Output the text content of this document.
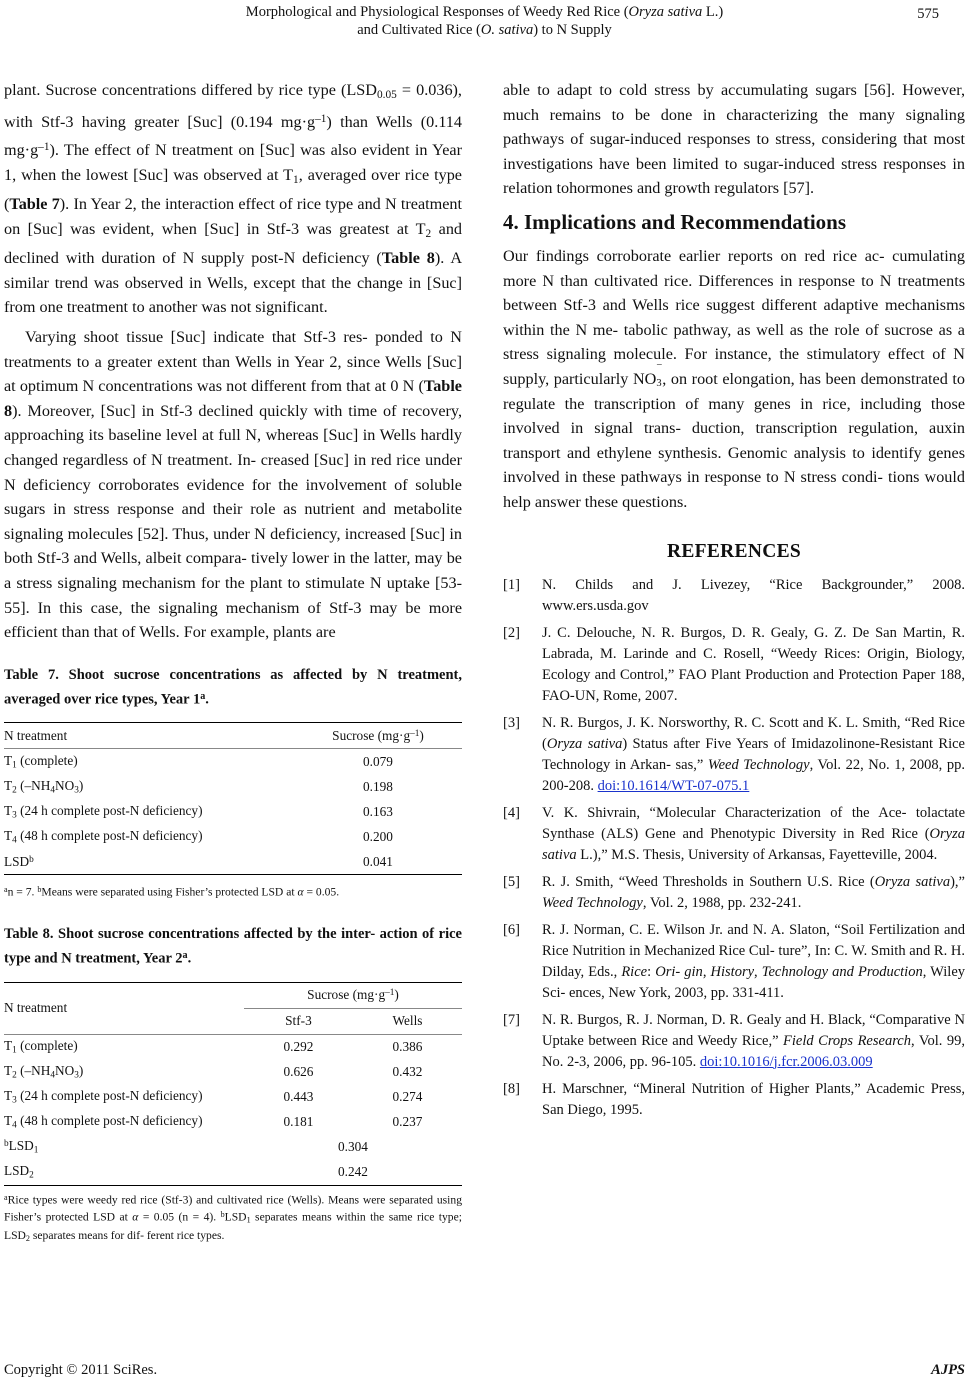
Morphological and Physiological Responses of Weedy Red Rice (Oryza sativa L.)
and Cultivated Rice (O. sativa) to N Supply
575

plant. Sucrose concentrations differed by rice type $(LSD_{0.05} = 0.036)$, with Stf-3 having greater [Suc] (0.194 $mg\cdot g^{-1}$) than Wells (0.114 $mg\cdot g^{-1}$). The effect of N treatment on [Suc] was also evident in Year 1, when the lowest [Suc] was observed at $T_1$, averaged over rice type (Table 7). In Year 2, the interaction effect of rice type and N treatment on [Suc] was evident, when [Suc] in Stf-3 was greatest at $T_2$ and declined with duration of N supply post-N deficiency (Table 8). A similar trend was observed in Wells, except that the change in [Suc] from one treatment to another was not significant.

Varying shoot tissue [Suc] indicate that Stf-3 res- ponded to N treatments to a greater extent than Wells in Year 2, since Wells [Suc] at optimum N concentrations was not different from that at 0 N (Table 8). Moreover, [Suc] in Stf-3 declined quickly with time of recovery, approaching its baseline level at full N, whereas [Suc] in Wells hardly changed regardless of N treatment. In- creased [Suc] in red rice under N deficiency corroborates evidence for the involvement of soluble sugars in stress response and their role as nutrient and metabolite signaling molecules [52]. Thus, under N deficiency, increased [Suc] in both Stf-3 and Wells, albeit compara- tively lower in the latter, may be a stress signaling mechanism for the plant to stimulate N uptake [53-55]. In this case, the signaling mechanism of Stf-3 may be more efficient than that of Wells. For example, plants are

Table 7. Shoot sucrose concentrations as affected by N treatment, averaged over rice types, Year 1$^a$.

N treatment	Sucrose $(mg\cdot g^{-1})$
$T_1$ (complete)	0.079
$T_2$ $(-NH_4NO_3)$	0.198
$T_3$ (24 h complete post-N deficiency)	0.163
$T_4$ (48 h complete post-N deficiency)	0.200
LSD$^b$	0.041

$^a$n = 7. $^b$Means were separated using Fisher’s protected LSD at α = 0.05.

Table 8. Shoot sucrose concentrations affected by the inter- action of rice type and N treatment, Year 2$^a$.

N treatment	Sucrose $(mg\cdot g^{-1})$	
	Stf-3	Wells
$T_1$ (complete)	0.292	0.386
$T_2$ $(-NH_4NO_3)$	0.626	0.432
$T_3$ (24 h complete post-N deficiency)	0.443	0.274
$T_4$ (48 h complete post-N deficiency)	0.181	0.237
$^bLSD_1$	0.304	
$LSD_2$	0.242	

$^a$Rice types were weedy red rice (Stf-3) and cultivated rice (Wells). Means were separated using Fisher’s protected LSD at α = 0.05 (n = 4). $^bLSD_1$ separates means within the same rice type; $LSD_2$ separates means for dif- ferent rice types.

able to adapt to cold stress by accumulating sugars [56]. However, much remains to be done in characterizing the many signaling pathways of sugar-induced responses to stress, considering that most investigations have been limited to sugar-induced stress responses in relation tohormones and growth regulators [57].

4. Implications and Recommendations

Our findings corroborate earlier reports on red rice ac- cumulating more N than cultivated rice. Differences in response to N treatments between Stf-3 and Wells rice suggest different adaptive mechanisms within the N me- tabolic pathway, as well as the role of sucrose as a stress signaling molecule. For instance, the stimulatory effect of N supply, particularly NO
−
3 , on root elongation, has been demonstrated to regulate the transcription of many genes in rice, including those involved in signal trans- duction, transcription regulation, auxin transport and ethylene synthesis. Genomic analysis to identify genes involved in these pathways in response to N stress condi- tions would help answer these questions.

REFERENCES

[1] N. Childs and J. Livezey, “Rice Backgrounder,” 2008. www.ers.usda.gov

[2] J. C. Delouche, N. R. Burgos, D. R. Gealy, G. Z. De San Martin, R. Labrada, M. Larinde and C. Rosell, “Weedy Rices: Origin, Biology, Ecology and Control,” FAO Plant Production and Protection Paper 188, FAO-UN, Rome, 2007.

[3] N. R. Burgos, J. K. Norsworthy, R. C. Scott and K. L. Smith, “Red Rice (Oryza sativa) Status after Five Years of Imidazolinone-Resistant Rice Technology in Arkan- sas,” Weed Technology, Vol. 22, No. 1, 2008, pp. 200-208. doi:10.1614/WT-07-075.1

[4] V. K. Shivrain, “Molecular Characterization of the Ace- tolactate Synthase (ALS) Gene and Phenotypic Diversity in Red Rice (Oryza sativa L.),” M.S. Thesis, University of Arkansas, Fayetteville, 2004.

[5] R. J. Smith, “Weed Thresholds in Southern U.S. Rice (Oryza sativa),” Weed Technology, Vol. 2, 1988, pp. 232-241.

[6] R. J. Norman, C. E. Wilson Jr. and N. A. Slaton, “Soil Fertilization and Rice Nutrition in Mechanized Rice Cul- ture”, In: C. W. Smith and R. H. Dilday, Eds., Rice: Ori- gin, History, Technology and Production, Wiley Sci- ences, New York, 2003, pp. 331-411.

[7] N. R. Burgos, R. J. Norman, D. R. Gealy and H. Black, “Comparative N Uptake between Rice and Weedy Rice,” Field Crops Research, Vol. 99, No. 2-3, 2006, pp. 96-105. doi:10.1016/j.fcr.2006.03.009

[8] H. Marschner, “Mineral Nutrition of Higher Plants,” Academic Press, San Diego, 1995.

Copyright © 2011 SciRes.	AJPS
